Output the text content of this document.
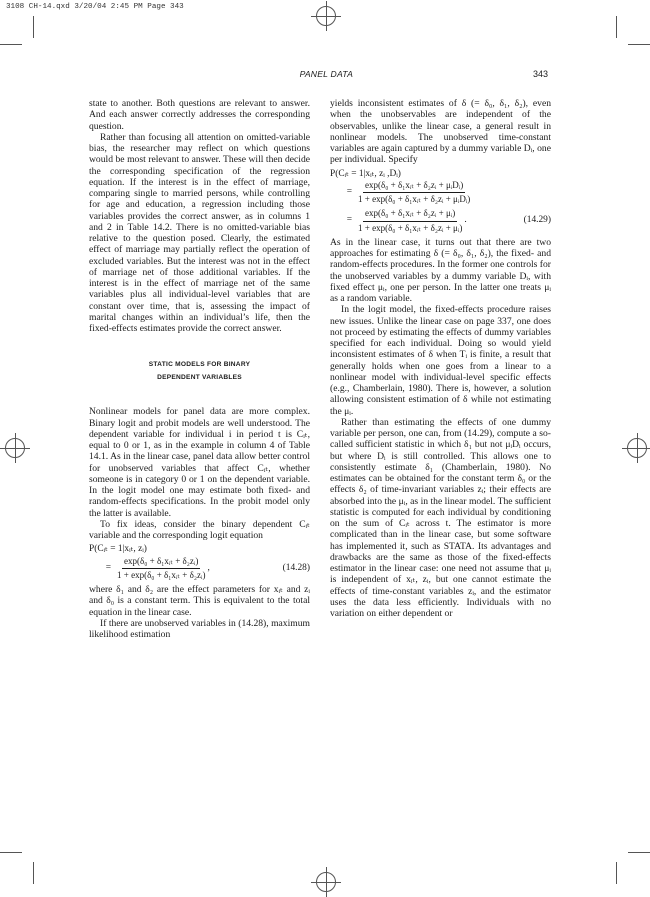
3108 CH-14.qxd 3/20/04 2:45 PM Page 343
PANEL DATA	343

state to another. Both questions are relevant to answer. And each answer correctly addresses the corresponding question.

Rather than focusing all attention on omitted-variable bias, the researcher may reflect on which questions would be most relevant to answer. These will then decide the corresponding specification of the regression equation. If the interest is in the effect of marriage, comparing single to married persons, while controlling for age and education, a regression including those variables provides the correct answer, as in columns 1 and 2 in Table 14.2. There is no omitted-variable bias relative to the question posed. Clearly, the estimated effect of marriage may partially reflect the operation of excluded variables. But the interest was not in the effect of marriage net of those additional variables. If the interest is in the effect of marriage net of the same variables plus all individual-level variables that are constant over time, that is, assessing the impact of marital changes within an individual’s life, then the fixed-effects estimates provide the correct answer.

STATIC MODELS FOR BINARY

DEPENDENT VARIABLES

Nonlinear models for panel data are more complex. Binary logit and probit models are well understood. The dependent variable for individual i in period t is Cᵢₜ, equal to 0 or 1, as in the example in column 4 of Table 14.1. As in the linear case, panel data allow better control for unobserved variables that affect Cᵢₜ, whether someone is in category 0 or 1 on the dependent variable. In the logit model one may estimate both fixed- and random-effects specifications. In the probit model only the latter is available.

To fix ideas, consider the binary dependent Cᵢₜ variable and the corresponding logit equation

P(Cᵢₜ = 1|xᵢₜ, zᵢ)
= $\frac{\text{exp(δ₀ + δ₁xᵢₜ + δ₂zᵢ)}}{\text{1 + exp(δ₀ + δ₁xᵢₜ + δ₂zᵢ)}}$ ,	(14.28)

where δ₁ and δ₂ are the effect parameters for xᵢₜ and zᵢ and δ₀ is a constant term. This is equivalent to the total equation in the linear case.

If there are unobserved variables in (14.28), maximum likelihood estimation

yields inconsistent estimates of δ (= δ₀, δ₁, δ₂), even when the unobservables are independent of the observables, unlike the linear case, a general result in nonlinear models. The unobserved time-constant variables are again captured by a dummy variable Dᵢ, one per individual. Specify

P(Cᵢₜ = 1|xᵢₜ, zᵢ ,Dᵢ)
= $\frac{\text{exp(δ₀ + δ₁xᵢₜ + δ₂zᵢ + μᵢDᵢ)}}{\text{1 + exp(δ₀ + δ₁xᵢₜ + δ₂zᵢ + μᵢDᵢ)}}$
= $\frac{\text{exp(δ₀ + δ₁xᵢₜ + δ₂zᵢ + μᵢ)}}{\text{1 + exp(δ₀ + δ₁xᵢₜ + δ₂zᵢ + μᵢ)}}$ .	(14.29)

As in the linear case, it turns out that there are two approaches for estimating δ (= δ₀, δ₁, δ₂), the fixed- and random-effects procedures. In the former one controls for the unobserved variables by a dummy variable Dᵢ, with fixed effect μᵢ, one per person. In the latter one treats μᵢ as a random variable.

In the logit model, the fixed-effects procedure raises new issues. Unlike the linear case on page 337, one does not proceed by estimating the effects of dummy variables specified for each individual. Doing so would yield inconsistent estimates of δ when Tᵢ is finite, a result that generally holds when one goes from a linear to a nonlinear model with individual-level specific effects (e.g., Chamberlain, 1980). There is, however, a solution allowing consistent estimation of δ while not estimating the μᵢ.

Rather than estimating the effects of one dummy variable per person, one can, from (14.29), compute a so-called sufficient statistic in which δ₁ but not μᵢDᵢ occurs, but where Dᵢ is still controlled. This allows one to consistently estimate δ₁ (Chamberlain, 1980). No estimates can be obtained for the constant term δ₀ or the effects δ₂ of time-invariant variables zᵢ; their effects are absorbed into the μᵢ, as in the linear model. The sufficient statistic is computed for each individual by conditioning on the sum of Cᵢₜ across t. The estimator is more complicated than in the linear case, but some software has implemented it, such as STATA. Its advantages and drawbacks are the same as those of the fixed-effects estimator in the linear case: one need not assume that μᵢ is independent of xᵢₜ, zᵢ, but one cannot estimate the effects of time-constant variables zᵢ, and the estimator uses the data less efficiently. Individuals with no variation on either dependent or
